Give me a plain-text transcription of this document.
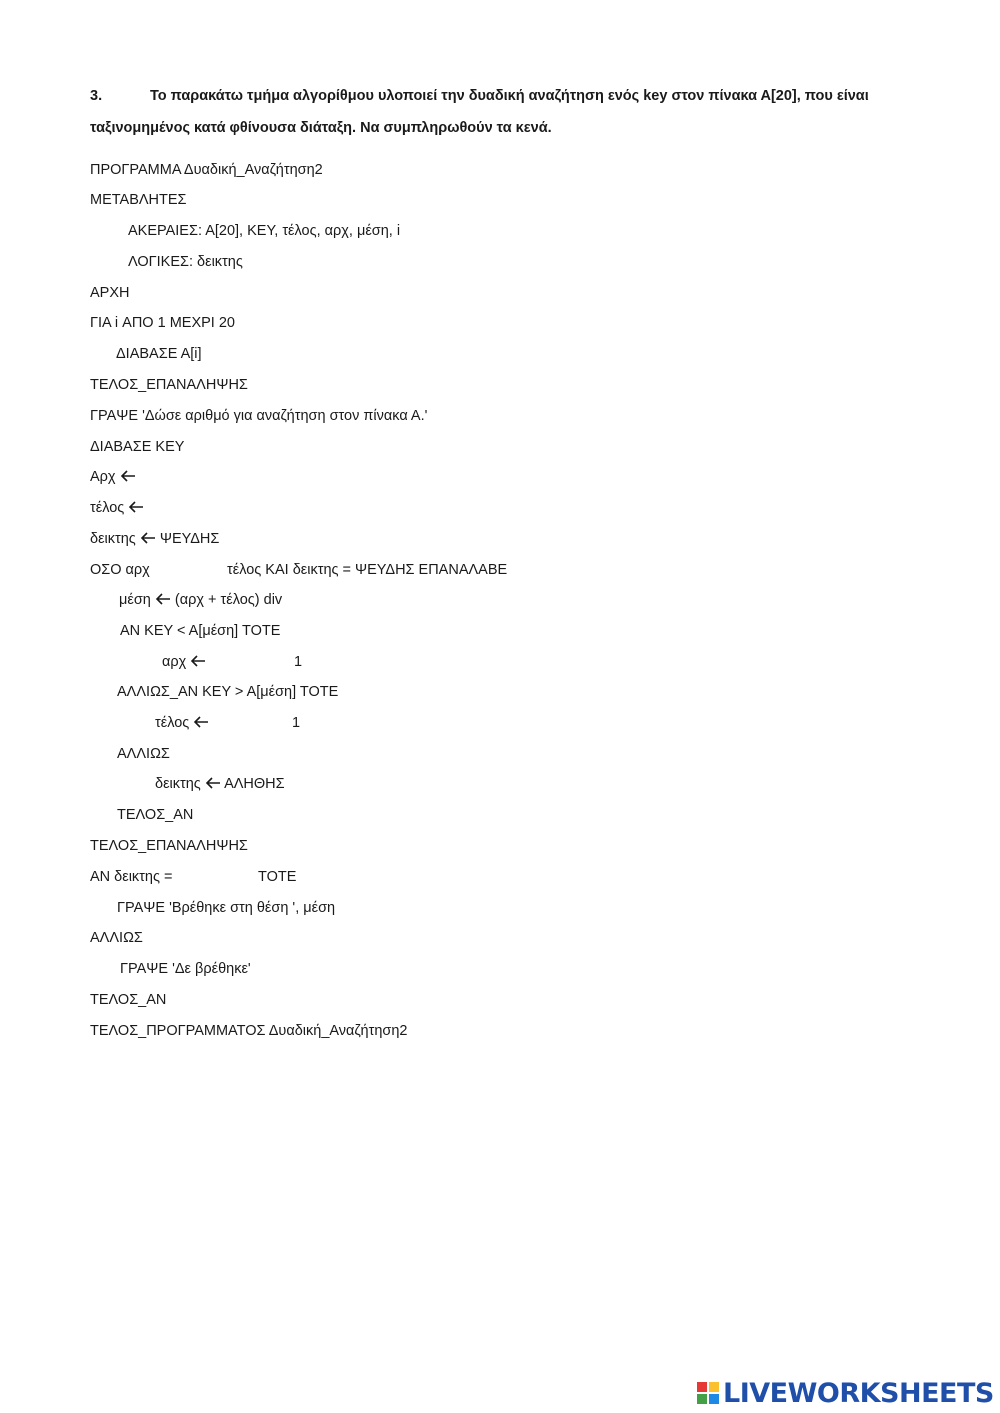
3.	Το παρακάτω τμήμα αλγορίθμου υλοποιεί την δυαδική αναζήτηση ενός key στον πίνακα Α[20], που είναι ταξινομημένος κατά φθίνουσα διάταξη. Να συμπληρωθούν τα κενά.
ΠΡΟΓΡΑΜΜΑ Δυαδική_Αναζήτηση2
ΜΕΤΑΒΛΗΤΕΣ
ΑΚΕΡΑΙΕΣ: Α[20], ΚΕΥ, τέλος, αρχ, μέση, i
ΛΟΓΙΚΕΣ: δεικτης
ΑΡΧΗ
ΓΙΑ i ΑΠΟ 1 ΜΕΧΡΙ 20
ΔΙΑΒΑΣΕ Α[i]
ΤΕΛΟΣ_ΕΠΑΝΑΛΗΨΗΣ
ΓΡΑΨΕ 'Δώσε αριθμό για αναζήτηση στον πίνακα Α.'
ΔΙΑΒΑΣΕ ΚΕΥ
Αρχ
τέλος
δεικτης ΨΕΥΔΗΣ
ΟΣΟ αρχ	τέλος ΚΑΙ δεικτης = ΨΕΥΔΗΣ ΕΠΑΝΑΛΑΒΕ
μέση (αρχ + τέλος) div
ΑΝ ΚΕΥ < Α[μέση] ΤΟΤΕ
αρχ	1
ΑΛΛΙΩΣ_ΑΝ ΚΕΥ > Α[μέση] ΤΟΤΕ
τέλος	1
ΑΛΛΙΩΣ
δεικτης ΑΛΗΘΗΣ
ΤΕΛΟΣ_ΑΝ
ΤΕΛΟΣ_ΕΠΑΝΑΛΗΨΗΣ
ΑΝ δεικτης =	ΤΟΤΕ
ΓΡΑΨΕ 'Βρέθηκε στη θέση ', μέση
ΑΛΛΙΩΣ
ΓΡΑΨΕ 'Δε βρέθηκε'
ΤΕΛΟΣ_ΑΝ
ΤΕΛΟΣ_ΠΡΟΓΡΑΜΜΑΤΟΣ Δυαδική_Αναζήτηση2
LIVEWORKSHEETS
